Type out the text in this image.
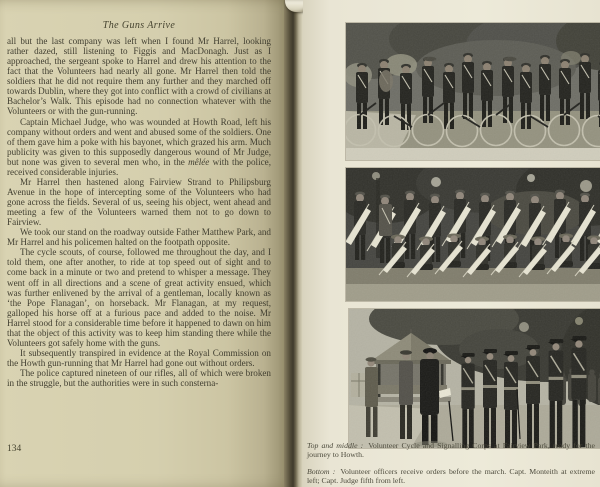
The Guns Arrive

all but the last company was left when I found Mr Harrel, looking rather dazed, still listening to Figgis and MacDonagh. Just as I approached, the sergeant spoke to Harrel and drew his attention to the fact that the Volunteers had nearly all gone. Mr Harrel then told the soldiers that he did not require them any further and they marched off towards Dublin, where they got into conflict with a crowd of civilians at Bachelor’s Walk. This episode had no connection whatever with the Volunteers or with the gun-running.

Captain Michael Judge, who was wounded at Howth Road, left his company without orders and went and abused some of the soldiers. One of them gave him a poke with his bayonet, which grazed his arm. Much publicity was given to this supposedly dangerous wound of Mr Judge, but none was given to several men who, in the mêlée with the police, received considerable injuries.

Mr Harrel then hastened along Fairview Strand to Philipsburg Avenue in the hope of intercepting some of the Volunteers who had gone across the fields. Several of us, seeing his object, went ahead and meeting a few of the Volunteers warned them not to go down to Fairview.

We took our stand on the roadway outside Father Matthew Park, and Mr Harrel and his policemen halted on the footpath opposite.

The cycle scouts, of course, followed me throughout the day, and I told them, one after another, to ride at top speed out of sight and to come back in a minute or two and pretend to whisper a message. They went off in all directions and a scene of great activity ensued, which was further enlivened by the arrival of a gentleman, locally known as ‘the Pope Flanagan’, on horseback. Mr Flanagan, at my request, galloped his horse off at a furious pace and added to the noise. Mr Harrel stood for a considerable time before it happened to dawn on him that the object of this activity was to keep him standing there while the Volunteers got safely home with the guns.

It subsequently transpired in evidence at the Royal Commission on the Howth gun-running that Mr Harrel had gone out without orders.

The police captured nineteen of our rifles, all of which were broken in the struggle, but the authorities were in such consterna-

134	Top and middle : Volunteer Cycle and Signalling Corps at Fairview Park, ready for the journey to Howth.

Bottom : Volunteer officers receive orders before the march. Capt. Monteith at extreme left; Capt. Judge fifth from left.
